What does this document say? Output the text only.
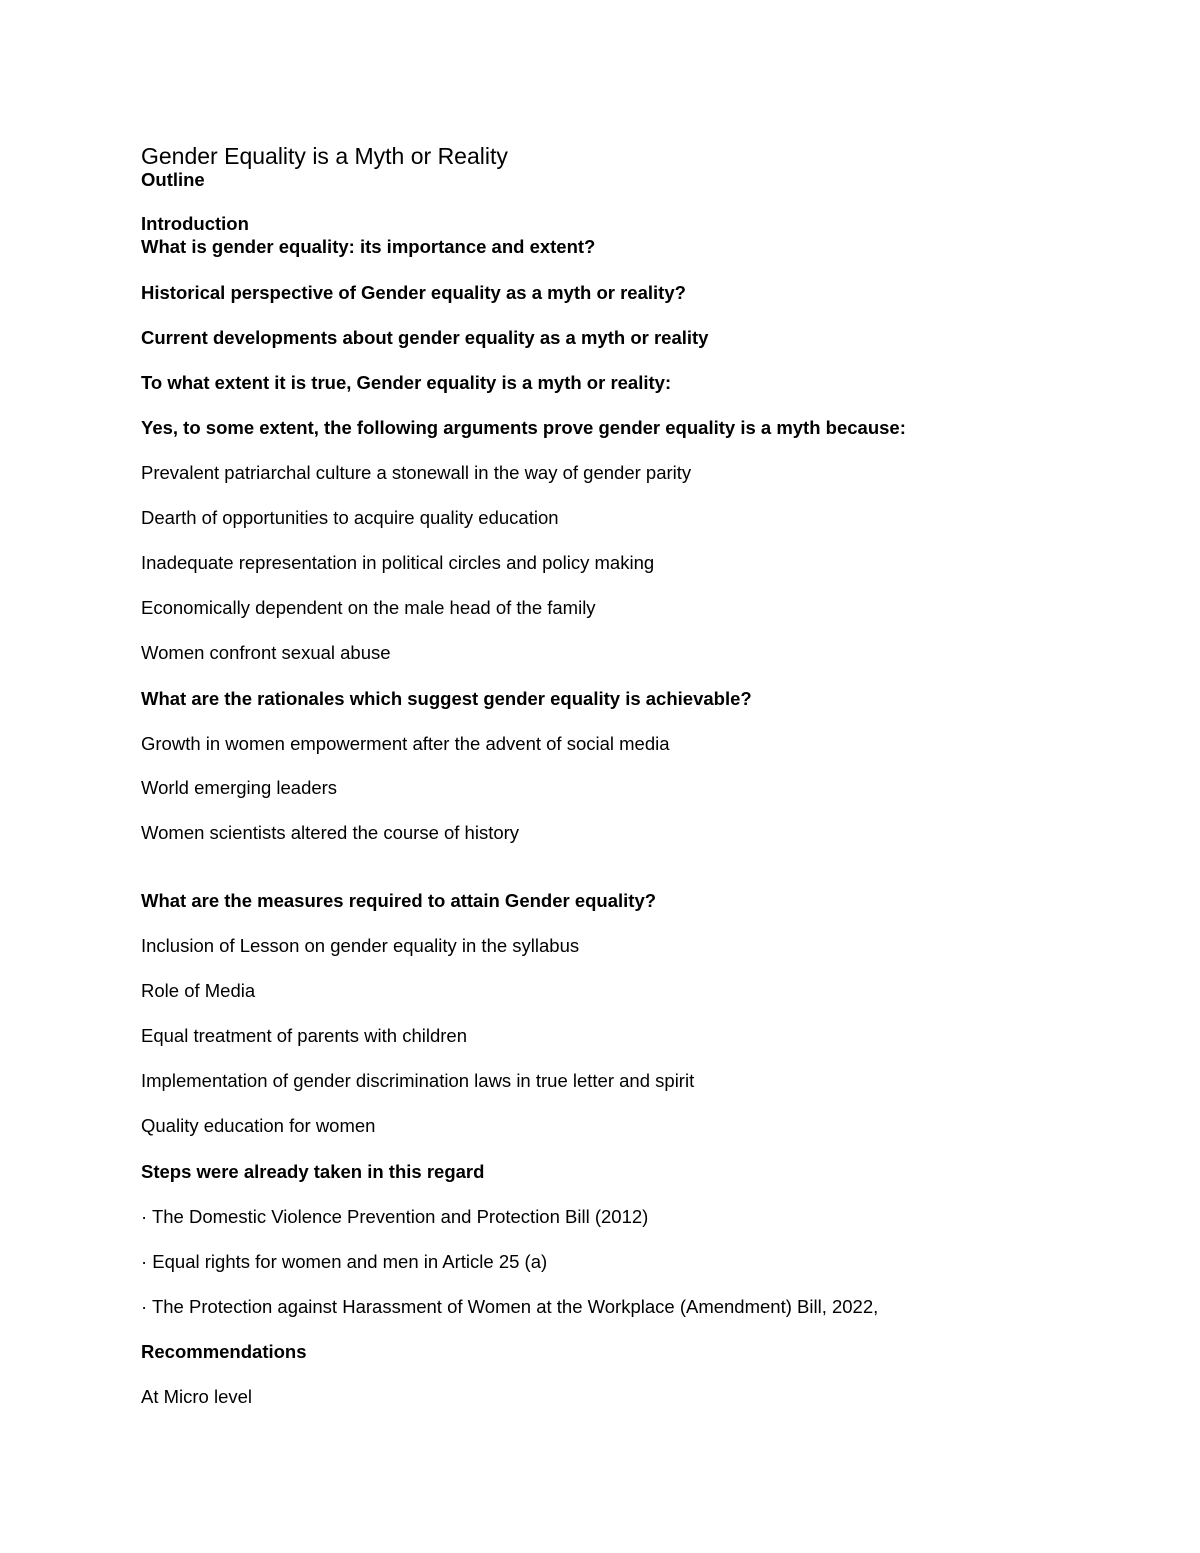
Gender Equality is a Myth or Reality
Outline
Introduction
What is gender equality: its importance and extent?
Historical perspective of Gender equality as a myth or reality?
Current developments about gender equality as a myth or reality
To what extent it is true, Gender equality is a myth or reality:
Yes, to some extent, the following arguments prove gender equality is a myth because:
Prevalent patriarchal culture a stonewall in the way of gender parity
Dearth of opportunities to acquire quality education
Inadequate representation in political circles and policy making
Economically dependent on the male head of the family
Women confront sexual abuse
What are the rationales which suggest gender equality is achievable?
Growth in women empowerment after the advent of social media
World emerging leaders
Women scientists altered the course of history
What are the measures required to attain Gender equality?
Inclusion of Lesson on gender equality in the syllabus
Role of Media
Equal treatment of parents with children
Implementation of gender discrimination laws in true letter and spirit
Quality education for women
Steps were already taken in this regard
· The Domestic Violence Prevention and Protection Bill (2012)
· Equal rights for women and men in Article 25 (a)
· The Protection against Harassment of Women at the Workplace (Amendment) Bill, 2022,
Recommendations
At Micro level
